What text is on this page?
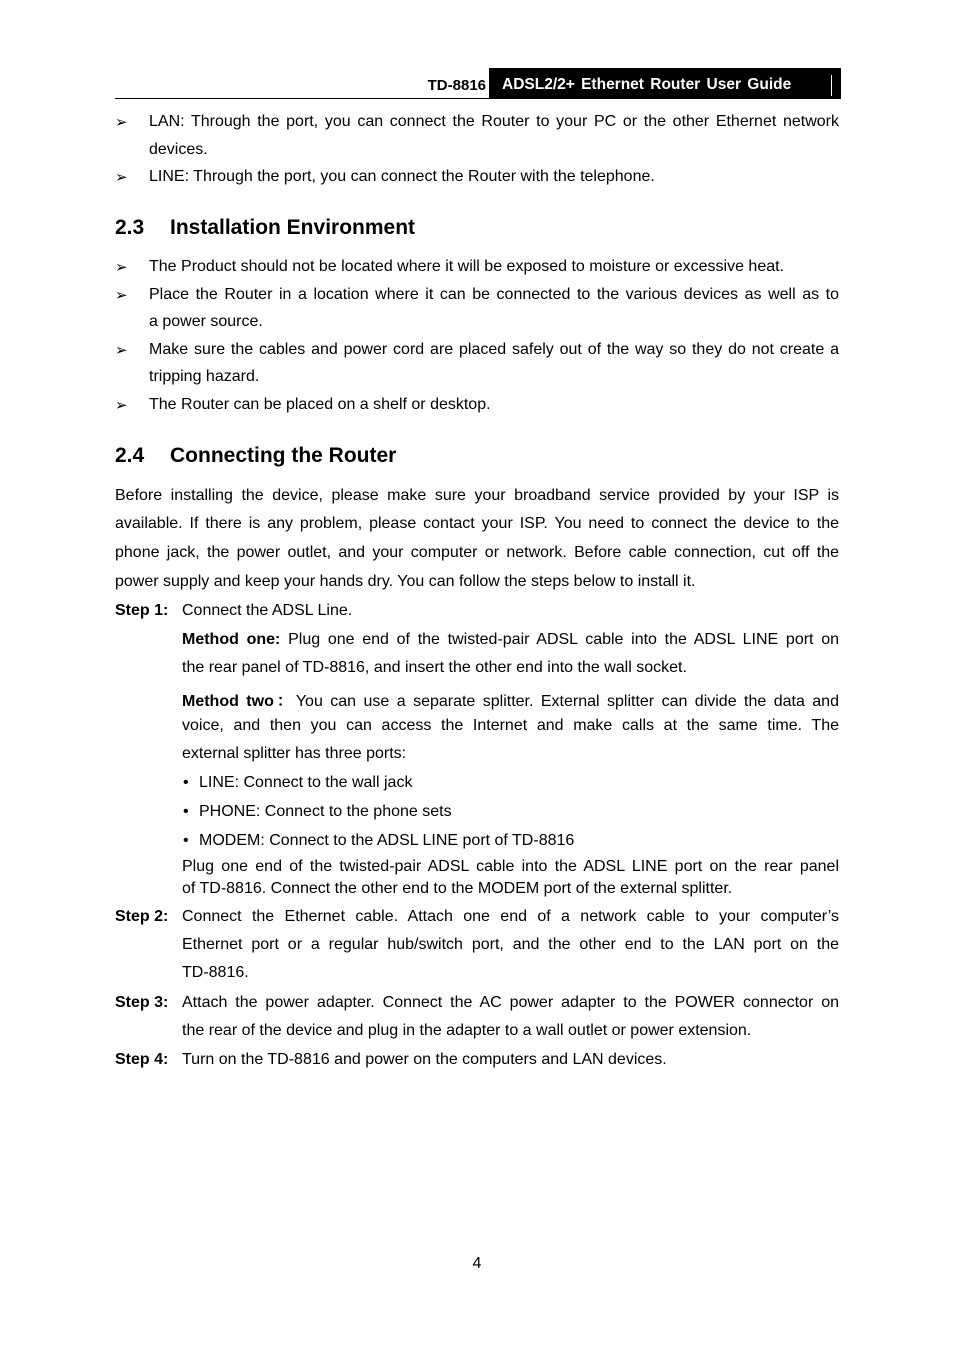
TD-8816	ADSL2/2+ Ethernet Router User Guide
➢ LAN: Through the port, you can connect the Router to your PC or the other Ethernet network
devices.
➢ LINE: Through the port, you can connect the Router with the telephone.
2.3 Installation Environment
➢ The Product should not be located where it will be exposed to moisture or excessive heat.
➢ Place the Router in a location where it can be connected to the various devices as well as to
a power source.
➢ Make sure the cables and power cord are placed safely out of the way so they do not create a
tripping hazard.
➢ The Router can be placed on a shelf or desktop.
2.4 Connecting the Router
Before installing the device, please make sure your broadband service provided by your ISP is
available. If there is any problem, please contact your ISP. You need to connect the device to the
phone jack, the power outlet, and your computer or network. Before cable connection, cut off the
power supply and keep your hands dry. You can follow the steps below to install it.
Step 1: Connect the ADSL Line.
Method one: Plug one end of the twisted-pair ADSL cable into the ADSL LINE port on
the rear panel of TD-8816, and insert the other end into the wall socket.
Method two：You can use a separate splitter. External splitter can divide the data and
voice, and then you can access the Internet and make calls at the same time. The
external splitter has three ports:
• LINE: Connect to the wall jack
• PHONE: Connect to the phone sets
• MODEM: Connect to the ADSL LINE port of TD-8816
Plug one end of the twisted-pair ADSL cable into the ADSL LINE port on the rear panel
of TD-8816. Connect the other end to the MODEM port of the external splitter.
Step 2: Connect the Ethernet cable. Attach one end of a network cable to your computer’s
Ethernet port or a regular hub/switch port, and the other end to the LAN port on the
TD-8816.
Step 3: Attach the power adapter. Connect the AC power adapter to the POWER connector on
the rear of the device and plug in the adapter to a wall outlet or power extension.
Step 4: Turn on the TD-8816 and power on the computers and LAN devices.
4
